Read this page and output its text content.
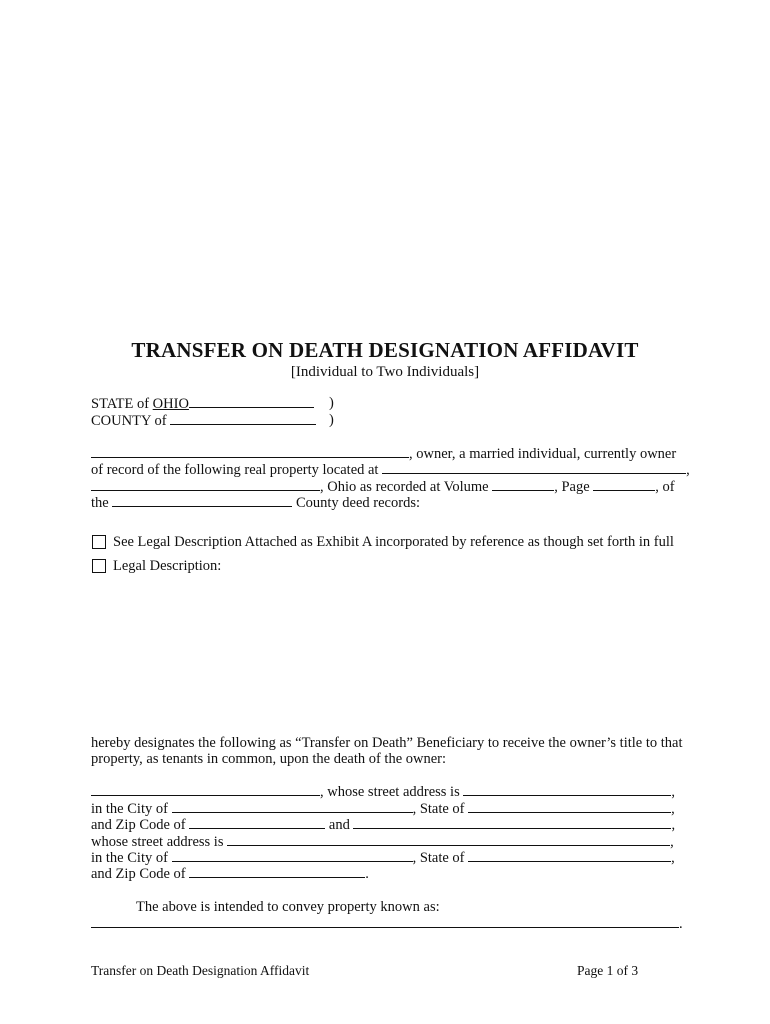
TRANSFER ON DEATH DESIGNATION AFFIDAVIT
[Individual to Two Individuals]
STATE of OHIO	)
COUNTY of	)
, owner, a married individual, currently owner
of record of the following real property located at	,
, Ohio as recorded at Volume	, Page	, of
the	County deed records:
See Legal Description Attached as Exhibit A incorporated by reference as though set forth in full
Legal Description:
hereby designates the following as “Transfer on Death” Beneficiary to receive the owner’s title to that
property, as tenants in common, upon the death of the owner:
, whose street address is	,
in the City of	, State of	,
and Zip Code of	and	,
whose street address is	,
in the City of	, State of	,
and Zip Code of	.
The above is intended to convey property known as:
.
Transfer on Death Designation Affidavit	Page 1 of 3
